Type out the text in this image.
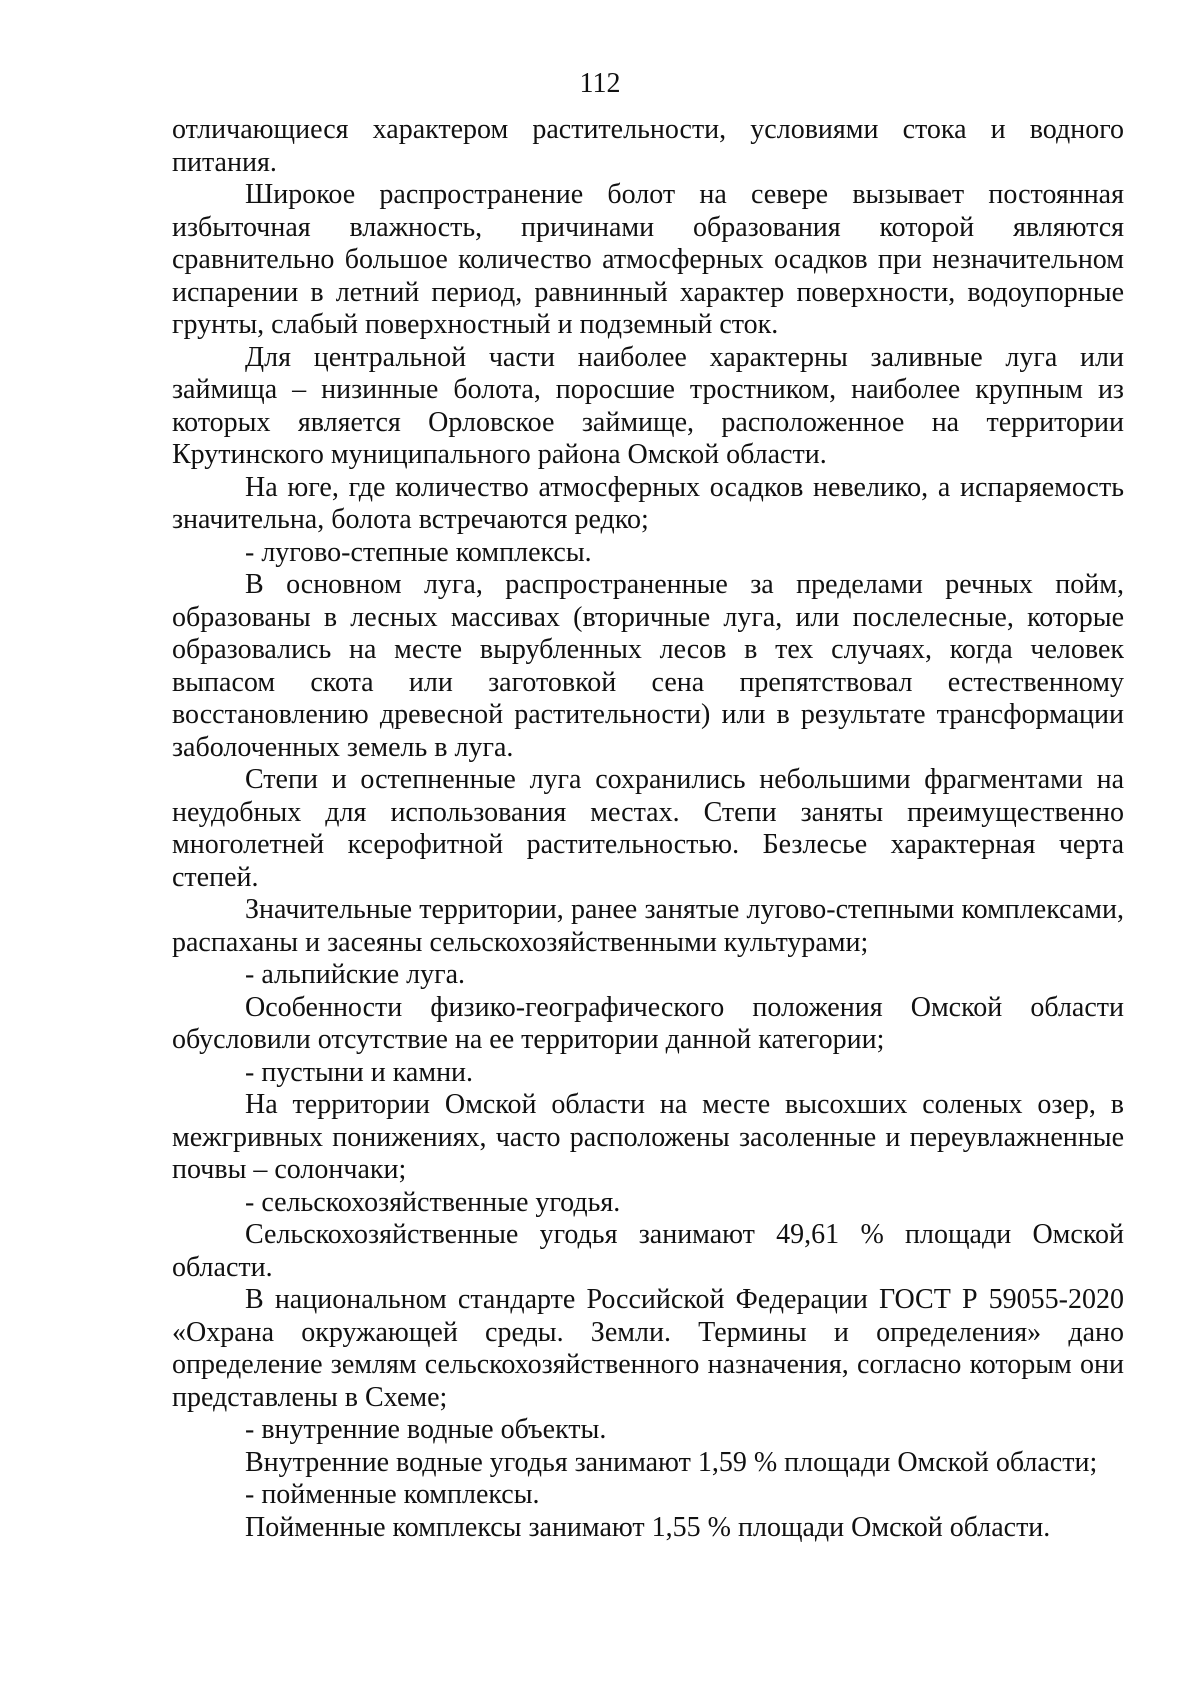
112

отличающиеся характером растительности, условиями стока и водного питания.

Широкое распространение болот на севере вызывает постоянная избыточная влажность, причинами образования которой являются сравнительно большое количество атмосферных осадков при незначительном испарении в летний период, равнинный характер поверхности, водоупорные грунты, слабый поверхностный и подземный сток.

Для центральной части наиболее характерны заливные луга или займища – низинные болота, поросшие тростником, наиболее крупным из которых является Орловское займище, расположенное на территории Крутинского муниципального района Омской области.

На юге, где количество атмосферных осадков невелико, а испаряемость значительна, болота встречаются редко;

- лугово-степные комплексы.

В основном луга, распространенные за пределами речных пойм, образованы в лесных массивах (вторичные луга, или послелесные, которые образовались на месте вырубленных лесов в тех случаях, когда человек выпасом скота или заготовкой сена препятствовал естественному восстановлению древесной растительности) или в результате трансформации заболоченных земель в луга.

Степи и остепненные луга сохранились небольшими фрагментами на неудобных для использования местах. Степи заняты преимущественно многолетней ксерофитной растительностью. Безлесье характерная черта степей.

Значительные территории, ранее занятые лугово-степными комплексами, распаханы и засеяны сельскохозяйственными культурами;

- альпийские луга.

Особенности физико-географического положения Омской области обусловили отсутствие на ее территории данной категории;

- пустыни и камни.

На территории Омской области на месте высохших соленых озер, в межгривных понижениях, часто расположены засоленные и переувлажненные почвы – солончаки;

- сельскохозяйственные угодья.

Сельскохозяйственные угодья занимают 49,61 % площади Омской области.

В национальном стандарте Российской Федерации ГОСТ Р 59055-2020 «Охрана окружающей среды. Земли. Термины и определения» дано определение землям сельскохозяйственного назначения, согласно которым они представлены в Схеме;

- внутренние водные объекты.

Внутренние водные угодья занимают 1,59 % площади Омской области;

- пойменные комплексы.

Пойменные комплексы занимают 1,55 % площади Омской области.
